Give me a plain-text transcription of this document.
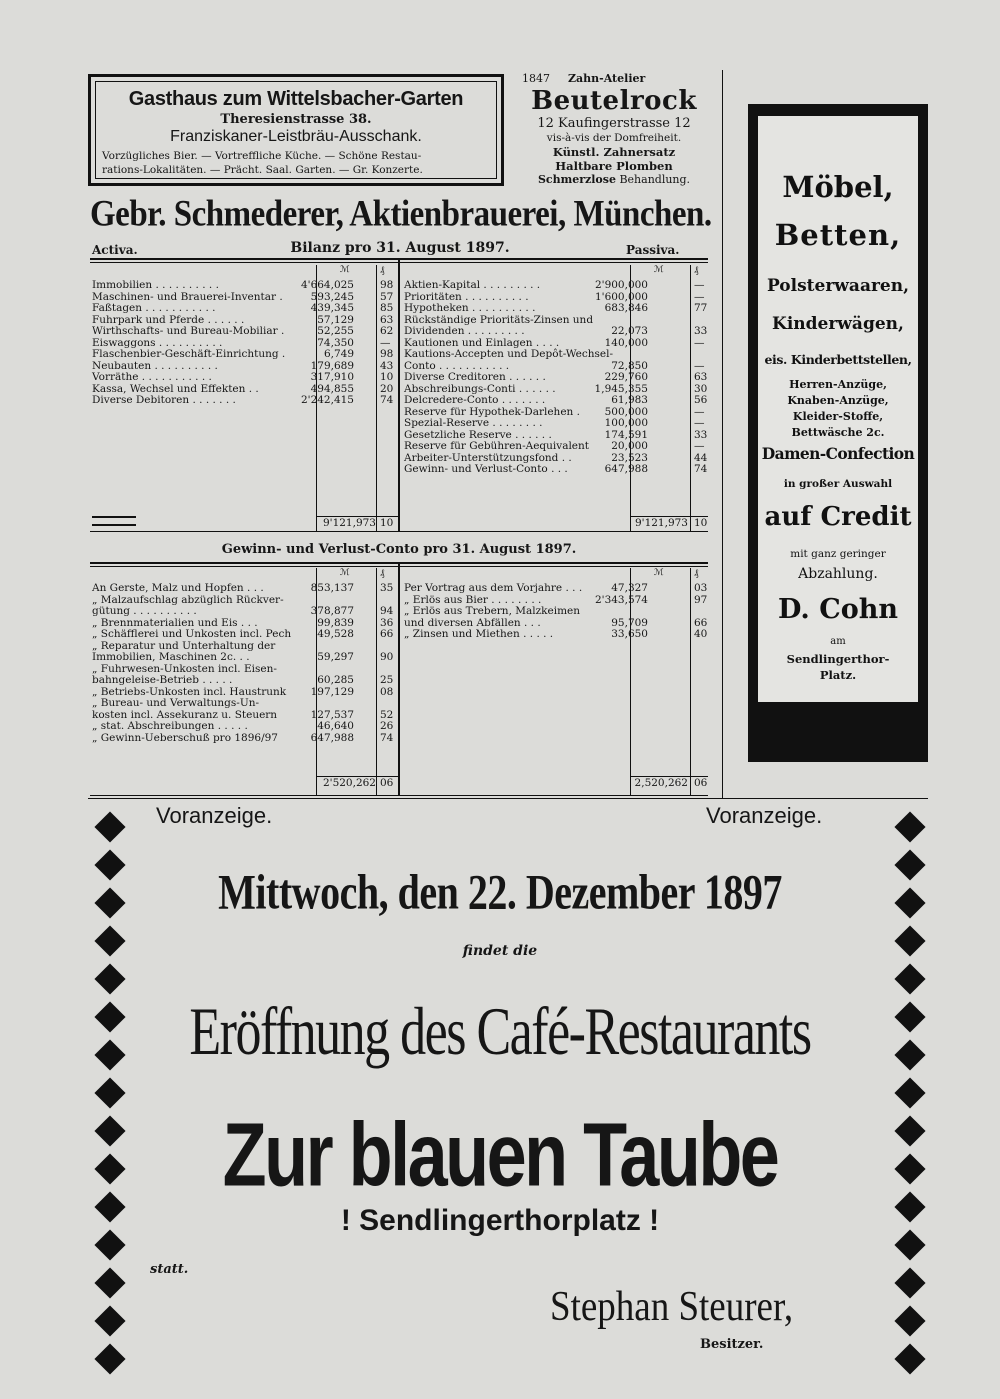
Gasthaus zum Wittelsbacher-Garten
Theresienstrasse 38.
Franziskaner-Leistbräu-Ausschank.
Vorzügliches Bier. — Vortreffliche Küche. — Schöne Restau-
rations-Lokalitäten. — Prächt. Saal. Garten. — Gr. Konzerte.
1847 Zahn-Atelier
Beutelrock
12 Kaufingerstrasse 12
vis-à-vis der Domfreiheit.
Künstl. Zahnersatz
Haltbare Plomben
Schmerzlose Behandlung.
Gebr. Schmederer, Aktienbrauerei, München.
Activa.	Bilanz pro 31. August 1897.	Passiva.
ℳ	₰	ℳ	₰
Immobilien . . . . . . . . . .	4'664,025 98
Maschinen- und Brauerei-Inventar .	593,245 57
Faßtagen . . . . . . . . . . .	439,345 85
Fuhrpark und Pferde . . . . . .	57,129 63
Wirthschafts- und Bureau-Mobiliar .	52,255 62
Eiswaggons . . . . . . . . . .	74,350 —
Flaschenbier-Geschäft-Einrichtung .	6,749 98
Neubauten . . . . . . . . . .	179,689 43
Vorräthe . . . . . . . . . . .	317,910 10
Kassa, Wechsel und Effekten . .	494,855 20
Diverse Debitoren . . . . . . .	2'242,415 74
Aktien-Kapital . . . . . . . . .	2'900,000	—
Prioritäten . . . . . . . . . .	1'600,000	—
Hypotheken . . . . . . . . . .	683,846	77
Rückständige Prioritäts-Zinsen und
Dividenden . . . . . . . . .	22,073	33
Kautionen und Einlagen . . . .	140,000	—
Kautions-Accepten und Depôt-Wechsel-
Conto . . . . . . . . . . .	72,850	—
Diverse Creditoren . . . . . .	229,760	63
Abschreibungs-Conti . . . . . .	1,945,355	30
Delcredere-Conto . . . . . . .	61,983	56
Reserve für Hypothek-Darlehen . 500,000	—
Spezial-Reserve . . . . . . . .	100,000	—
Gesetzliche Reserve . . . . . .	174,591	33
Reserve für Gebühren-Aequivalent 20,000	—
Arbeiter-Unterstützungsfond . .	23,523	44
Gewinn- und Verlust-Conto . . .	647,988	74
9'121,973 10	9'121,973 10
Gewinn- und Verlust-Conto pro 31. August 1897.
ℳ	₰	ℳ	₰
An Gerste, Malz und Hopfen . . .	853,137 35
„ Malzaufschlag abzüglich Rückver-
gütung . . . . . . . . . .	378,877 94
„ Brennmaterialien und Eis . . .	99,839 36
„ Schäfflerei und Unkosten incl. Pech 49,528 66
„ Reparatur und Unterhaltung der
Immobilien, Maschinen 2c. . .	59,297 90
„ Fuhrwesen-Unkosten incl. Eisen-
bahngeleise-Betrieb . . . . .	60,285 25
„ Betriebs-Unkosten incl. Haustrunk 197,129 08
„ Bureau- und Verwaltungs-Un-
kosten incl. Assekuranz u. Steuern	127,537 52
„ stat. Abschreibungen . . . . .	46,640 26
„ Gewinn-Ueberschuß pro 1896/97	647,988 74
Per Vortrag aus dem Vorjahre . . .	47,327	03
„ Erlös aus Bier . . . . . . . .	2'343,574	97
„ Erlös aus Trebern, Malzkeimen
und diversen Abfällen . . .	95,709	66
„ Zinsen und Miethen . . . . .	33,650	40
2'520,262 06	2,520,262 06
Möbel,
Betten,
Polsterwaaren,
Kinderwägen,
eis. Kinderbettstellen,
Herren-Anzüge,
Knaben-Anzüge,
Kleider-Stoffe,
Bettwäsche 2c.
Damen-Confection
in großer Auswahl
auf Credit
mit ganz geringer
Abzahlung.
D. Cohn
am
Sendlingerthor-
Platz.
Voranzeige.	Voranzeige.
Mittwoch, den 22. Dezember 1897
findet die
Eröffnung des Café-Restaurants
Zur blauen Taube
! Sendlingerthorplatz !
statt.
Stephan Steurer,
Besitzer.
